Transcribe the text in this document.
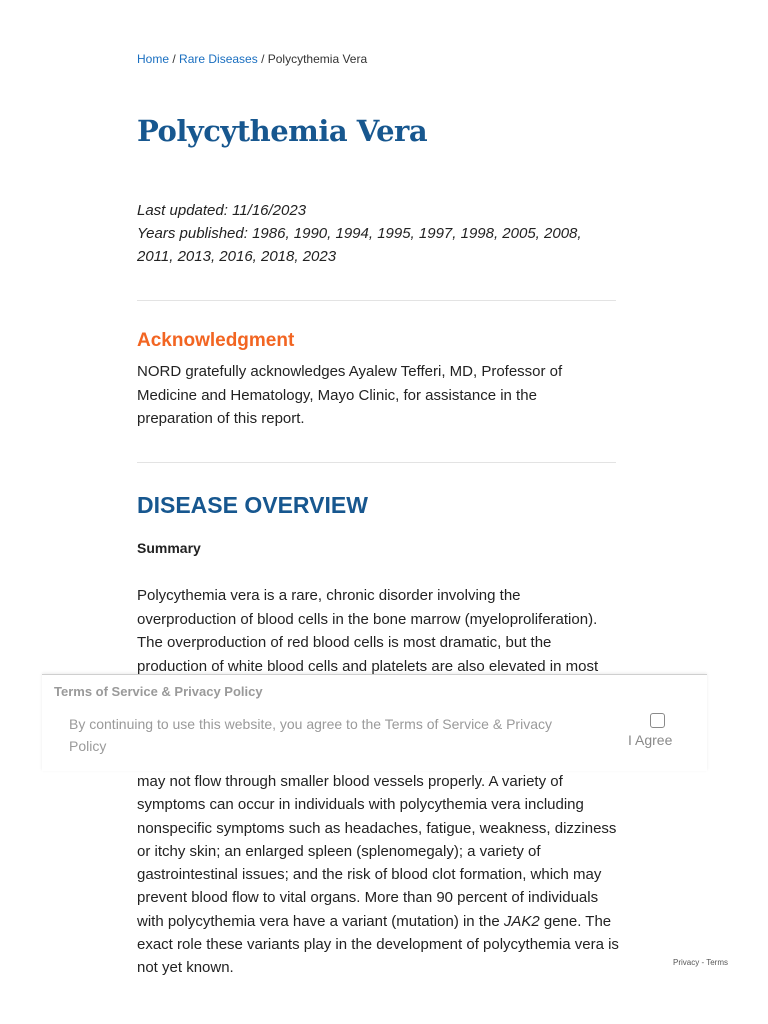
Home / Rare Diseases / Polycythemia Vera
Polycythemia Vera

Last updated: 11/16/2023

Years published: 1986, 1990, 1994, 1995, 1997, 1998, 2005, 2008, 2011, 2013, 2016, 2018, 2023

Acknowledgment

NORD gratefully acknowledges Ayalew Tefferi, MD, Professor of Medicine and Hematology, Mayo Clinic, for assistance in the preparation of this report.

DISEASE OVERVIEW
Summary

Polycythemia vera is a rare, chronic disorder involving the overproduction of blood cells in the bone marrow (myeloproliferation). The overproduction of red blood cells is most dramatic, but the production of white blood cells and platelets are also elevated in most

may not flow through smaller blood vessels properly. A variety of symptoms can occur in individuals with polycythemia vera including nonspecific symptoms such as headaches, fatigue, weakness, dizziness or itchy skin; an enlarged spleen (splenomegaly); a variety of gastrointestinal issues; and the risk of blood clot formation, which may prevent blood flow to vital organs. More than 90 percent of individuals with polycythemia vera have a variant (mutation) in the JAK2 gene. The exact role these variants play in the development of polycythemia vera is not yet known.

Terms of Service & Privacy Policy

By continuing to use this website, you agree to the Terms of Service & Privacy Policy	I Agree
Privacy - Terms
